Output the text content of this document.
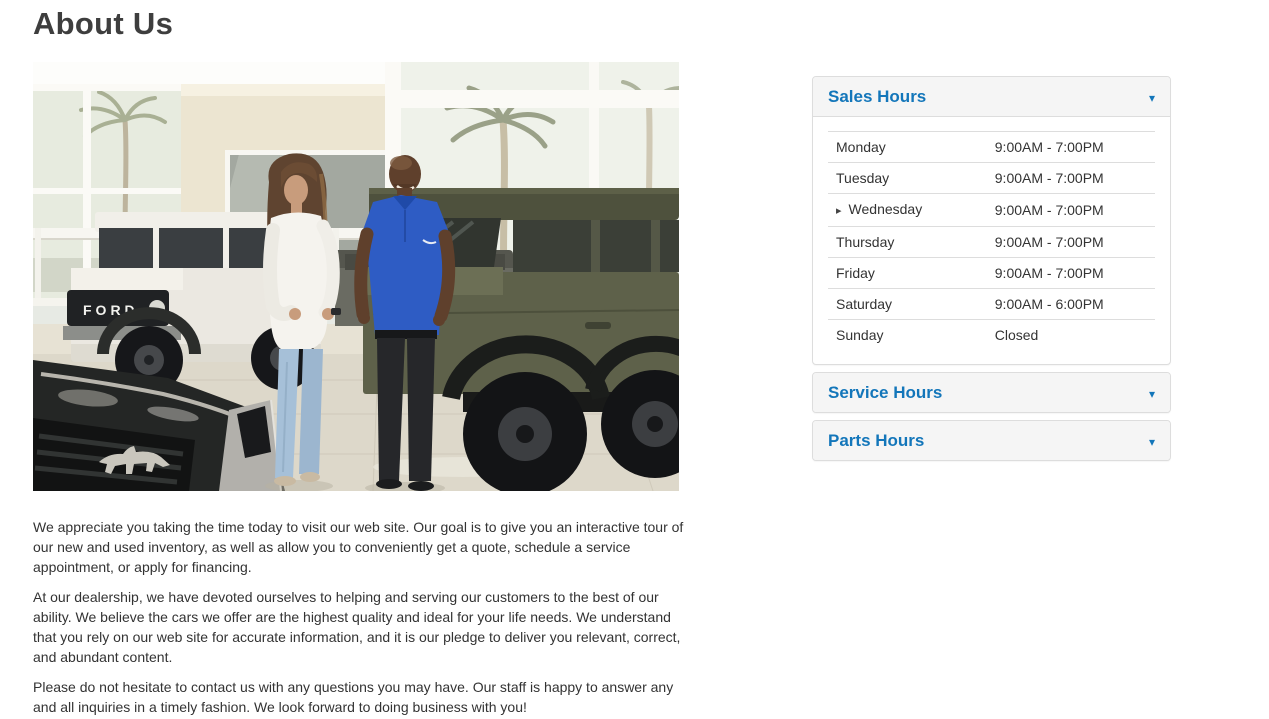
About Us
FORD

We appreciate you taking the time today to visit our web site. Our goal is to give you an interactive tour of our new and used inventory, as well as allow you to conveniently get a quote, schedule a service appointment, or apply for financing.

At our dealership, we have devoted ourselves to helping and serving our customers to the best of our ability. We believe the cars we offer are the highest quality and ideal for your life needs. We understand that you rely on our web site for accurate information, and it is our pledge to deliver you relevant, correct, and abundant content.

Please do not hesitate to contact us with any questions you may have. Our staff is happy to answer any and all inquiries in a timely fashion. We look forward to doing business with you!

Sales Hours	▾
Monday	9:00AM - 7:00PM
Tuesday	9:00AM - 7:00PM
▸ Wednesday	9:00AM - 7:00PM
Thursday	9:00AM - 7:00PM
Friday	9:00AM - 7:00PM
Saturday	9:00AM - 6:00PM
Sunday	Closed
Service Hours	▾
Parts Hours	▾
